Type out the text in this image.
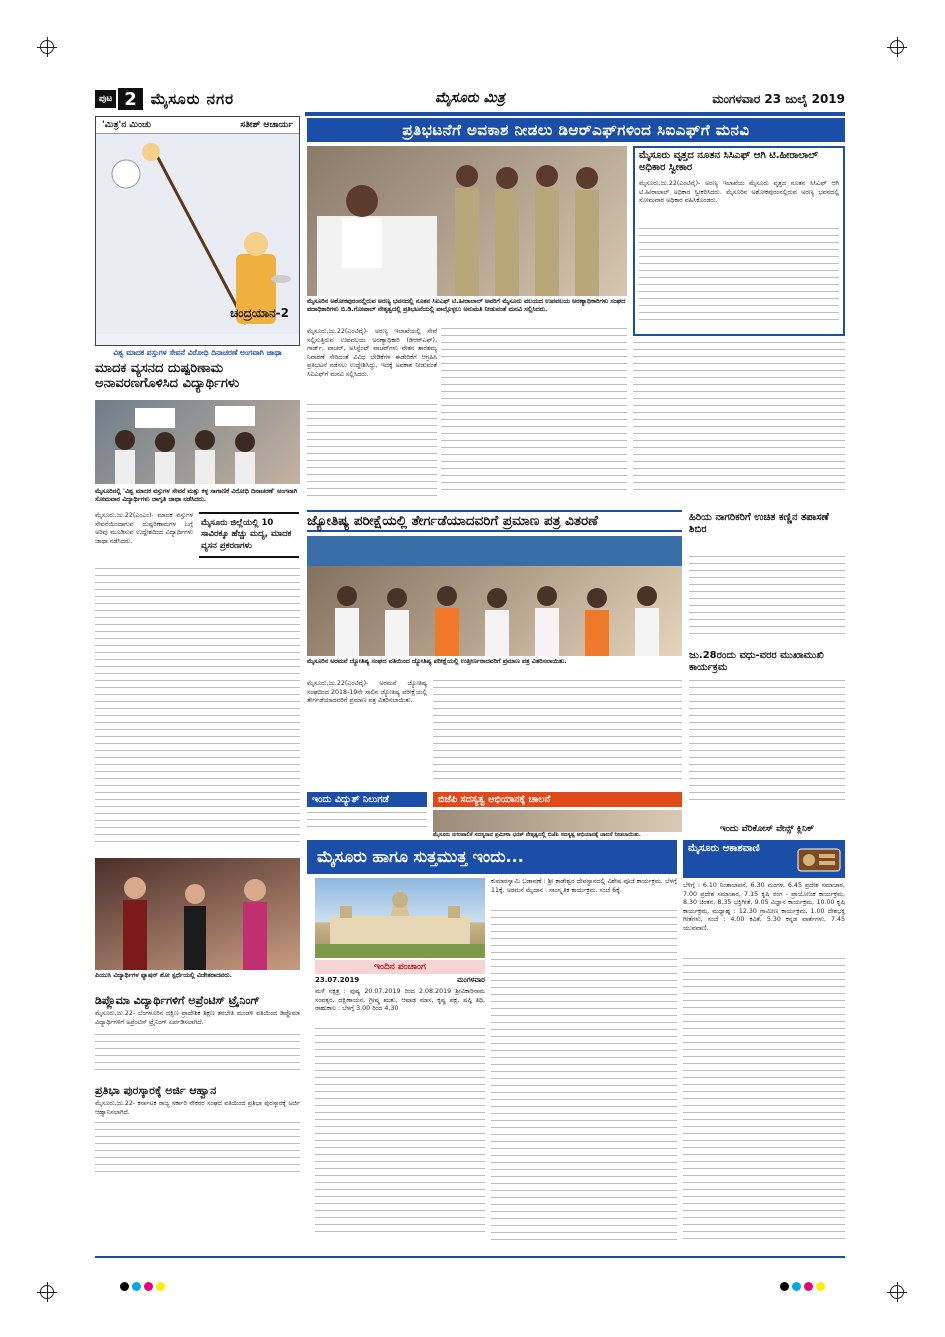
ಪುಟ 2 ಮೈಸೂರು ನಗರ	ಮೈಸೂರು ಮಿತ್ರ	ಮಂಗಳವಾರ 23 ಜುಲೈ 2019
'ಮಿತ್ರ'ನ ಮಿಂಚು	ಸತೀಶ್ ಆಚಾರ್ಯ
ಚಂದ್ರಯಾನ-2
ವಿಶ್ವ ಮಾದಕ ವಸ್ತುಗಳ ಸೇವನೆ ವಿರೋಧಿ ದಿನಾಚರಣೆ ಅಂಗವಾಗಿ ಜಾಥಾ
ಮಾದಕ ವ್ಯಸನದ ದುಷ್ಪರಿಣಾಮ ಅನಾವರಣಗೊಳಿಸಿದ ವಿದ್ಯಾರ್ಥಿಗಳು
ಮೈಸೂರಿನಲ್ಲಿ 'ವಿಶ್ವ ಮಾದಕ ವಸ್ತುಗಳ ಸೇವನೆ ಮತ್ತು ಕಳ್ಳ ಸಾಗಾಣಿಕೆ ವಿರೋಧಿ ದಿನಾಚರಣೆ' ಅಂಗವಾಗಿ ಸೋಮವಾರ ವಿದ್ಯಾರ್ಥಿಗಳು ಜಾಗೃತಿ ಜಾಥಾ ನಡೆಸಿದರು.
ಮೈಸೂರು,ಜು.22(ಎಂಎಂ)- ಮಾದಕ ವಸ್ತುಗಳ ಸೇವನೆಯಿಂದಾಗುವ ದುಷ್ಪರಿಣಾಮಗಳ ಬಗ್ಗೆ ಅರಿವು ಮೂಡಿಸುವ ಉದ್ದೇಶದಿಂದ ವಿದ್ಯಾರ್ಥಿಗಳು ಜಾಥಾ ನಡೆಸಿದರು.
ಮೈಸೂರು ಜಿಲ್ಲೆಯಲ್ಲಿ 10 ಸಾವಿರಕ್ಕೂ ಹೆಚ್ಚು ಮದ್ಯ, ಮಾದಕ ವ್ಯಸನ ಪ್ರಕರಣಗಳು
ಪಿಯುಸಿ ವಿದ್ಯಾರ್ಥಿಗಳ ಫ್ಯಾಷನ್ ಶೋ ಸ್ಪರ್ಧೆಯಲ್ಲಿ ವಿಜೇತರಾದವರು.
ಡಿಪ್ಲೊಮಾ ವಿದ್ಯಾರ್ಥಿಗಳಿಗೆ ಅಪ್ರೆಂಟಿಸ್ ಟ್ರೈನಿಂಗ್
ಮೈಸೂರು,ಜು.22- ಬೆಂಗಳೂರಿನ ದಕ್ಷಿಣ ಪ್ರಾದೇಶಿಕ ಶಿಕ್ಷಣ ತರಬೇತಿ ಮಂಡಳಿ ವತಿಯಿಂದ ಡಿಪ್ಲೊಮಾ ವಿದ್ಯಾರ್ಥಿಗಳಿಗೆ ಅಪ್ರೆಂಟಿಸ್ ಟ್ರೈನಿಂಗ್ ಏರ್ಪಡಿಸಲಾಗಿದೆ.
ಪ್ರತಿಭಾ ಪುರಸ್ಕಾರಕ್ಕೆ ಅರ್ಜಿ ಆಹ್ವಾನ
ಮೈಸೂರು,ಜು.22- ಕರ್ನಾಟಕ ರಾಜ್ಯ ಸರ್ಕಾರಿ ನೌಕರರ ಸಂಘದ ವತಿಯಿಂದ ಪ್ರತಿಭಾ ಪುರಸ್ಕಾರಕ್ಕೆ ಅರ್ಜಿ ಆಹ್ವಾನಿಸಲಾಗಿದೆ.
ಪ್ರತಿಭಟನೆಗೆ ಅವಕಾಶ ನೀಡಲು ಡಿಆರ್‌ಎಫ್‌ಗಳಿಂದ ಸಿಐಎಫ್‌ಗೆ ಮನವಿ
ಮೈಸೂರಿನ ಅಶೋಕಪುರಂನಲ್ಲಿರುವ ಅರಣ್ಯ ಭವನದಲ್ಲಿ ನೂತನ ಸಿಐಎಫ್ ಟಿ.ಹೀರಾಲಾಲ್ ಅವರಿಗೆ ಮೈಸೂರು ವಲಯದ ಉಪವಲಯ ಅರಣ್ಯಾಧಿಕಾರಿಗಳು ಸಂಘದ ಪದಾಧಿಕಾರಿಗಳು ಬಿ.ಡಿ.ಗೋಪಾಲ್ ನೇತೃತ್ವದಲ್ಲಿ ಪ್ರತಿಭಟನೆಯಲ್ಲಿ ಪಾಲ್ಗೊಳ್ಳಲು ಅನುಮತಿ ನೀಡುವಂತೆ ಮನವಿ ಸಲ್ಲಿಸಿದರು.
ಮೈಸೂರು,ಜು.22(ಎಂಟಿವೈ)- ಅರಣ್ಯ ಇಲಾಖೆಯಲ್ಲಿ ಸೇವೆ ಸಲ್ಲಿಸುತ್ತಿರುವ ಉಪವಲಯ ಅರಣ್ಯಾಧಿಕಾರಿ (ಡಿಆರ್‌ಎಫ್), ಗಾರ್ಡ್, ವಾಚರ್, ಅಸಿಸ್ಟೆಂಟ್ ವಾಚರ್‌ಗಳು ವೇತನ ತಾರತಮ್ಯ ನಿವಾರಣೆ ಸೇರಿದಂತೆ ವಿವಿಧ ಬೇಡಿಕೆಗಳ ಈಡೇರಿಕೆಗೆ ಆಗ್ರಹಿಸಿ ಪ್ರತಿಭಟನೆ ನಡೆಸಲು ಉದ್ದೇಶಿಸಿದ್ದು, ಇದಕ್ಕೆ ಅವಕಾಶ ನೀಡುವಂತೆ ಸಿಐಎಫ್‌ಗೆ ಮನವಿ ಸಲ್ಲಿಸಿದರು.
ಮೈಸೂರು ವೃತ್ತದ ನೂತನ ಸಿಸಿಎಫ್ ಆಗಿ ಟಿ.ಹೀರಾಲಾಲ್ ಅಧಿಕಾರ ಸ್ವೀಕಾರ
ಮೈಸೂರು,ಜು.22(ಎಂಟಿವೈ)- ಅರಣ್ಯ ಇಲಾಖೆಯ ಮೈಸೂರು ವೃತ್ತದ ನೂತನ ಸಿಸಿಎಫ್ ಆಗಿ ಟಿ.ಹೀರಾಲಾಲ್ ಅಧಿಕಾರ ಸ್ವೀಕರಿಸಿದರು. ಮೈಸೂರಿನ ಅಶೋಕಪುರಂನಲ್ಲಿರುವ ಅರಣ್ಯ ಭವನದಲ್ಲಿ ಸೋಮವಾರ ಅಧಿಕಾರ ವಹಿಸಿಕೊಂಡರು.
ಜ್ಯೋತಿಷ್ಯ ಪರೀಕ್ಷೆಯಲ್ಲಿ ತೇರ್ಗಡೆಯಾದವರಿಗೆ ಪ್ರಮಾಣ ಪತ್ರ ವಿತರಣೆ
ಮೈಸೂರಿನ ಅರಮನೆ ಜ್ಯೋತಿಷ್ಯ ಸಂಘದ ವತಿಯಿಂದ ಜ್ಯೋತಿಷ್ಯ ಪರೀಕ್ಷೆಯಲ್ಲಿ ಉತ್ತೀರ್ಣರಾದವರಿಗೆ ಪ್ರಮಾಣ ಪತ್ರ ವಿತರಿಸಲಾಯಿತು.
ಮೈಸೂರು,ಜು.22(ಎಂಟಿವೈ)- ಅರಮನೆ ಜ್ಯೋತಿಷ್ಯ ಸಂಘದಿಂದ 2018-19ನೇ ಸಾಲಿನ ಜ್ಯೋತಿಷ್ಯ ಪರೀಕ್ಷೆಯಲ್ಲಿ ತೇರ್ಗಡೆಯಾದವರಿಗೆ ಪ್ರಮಾಣ ಪತ್ರ ವಿತರಿಸಲಾಯಿತು.
ಹಿರಿಯ ನಾಗರಿಕರಿಗೆ ಉಚಿತ ಕಣ್ಣಿನ ತಪಾಸಣೆ ಶಿಬಿರ
ಜು.28ರಂದು ವಧು-ವರರ ಮುಖಾಮುಖಿ ಕಾರ್ಯಕ್ರಮ
ಇಂದು ವೆರಿಕೋಸ್ ವೇನ್ಸ್ ಕ್ಲಿನಿಕ್
ಇಂದು ವಿದ್ಯುತ್ ನಿಲುಗಡೆ	ಬಿಜೆಪಿ ಸದಸ್ಯತ್ವ ಅಭಿಯಾನಕ್ಕೆ ಚಾಲನೆ
ಮೈಸೂರು ನಗರಪಾಲಿಕೆ ಸದಸ್ಯರಾದ ಪ್ರಮೀಳಾ ಭರತ್ ನೇತೃತ್ವದಲ್ಲಿ ಬಿಜೆಪಿ ಸದಸ್ಯತ್ವ ಅಭಿಯಾನಕ್ಕೆ ಚಾಲನೆ ನೀಡಲಾಯಿತು.
ಮೈಸೂರು ಹಾಗೂ ಸುತ್ತಮುತ್ತ ಇಂದು...
ಇಂದಿನ ಪಂಚಾಂಗ
23.07.2019	ಮಂಗಳವಾರ
ಮಳೆ ನಕ್ಷತ್ರ : ಪುಷ್ಯ 20.07.2019 ರಿಂದ 2.08.2019 ಶ್ರೀವಿಕಾರಿನಾಮ ಸಂವತ್ಸರ, ದಕ್ಷಿಣಾಯನ, ಗ್ರೀಷ್ಮ ಋತು, ಆಷಾಢ ಮಾಸ, ಕೃಷ್ಣ ಪಕ್ಷ, ಷಷ್ಠಿ ತಿಥಿ, ರಾಹುಕಾಲ : ಬೆಳಗ್ಗೆ 3.00 ರಿಂದ 4.30
ಕುಮಾರಸ್ವಾಮಿ ಬಡಾವಣೆ : ಶ್ರೀ ಕಾಡೇಶ್ವರ ದೇವಸ್ಥಾನದಲ್ಲಿ ವಿಶೇಷ ಪೂಜೆ ಕಾರ್ಯಕ್ರಮ. ಬೆಳಗ್ಗೆ 11ಕ್ಕೆ. ಅರಮನೆ ಮೈದಾನ : ಸಾಂಸ್ಕೃತಿಕ ಕಾರ್ಯಕ್ರಮ. ಸಂಜೆ 6ಕ್ಕೆ.
ಮೈಸೂರು ಆಕಾಶವಾಣಿ
ಬೆಳಿಗ್ಗೆ : 6.10 ನಿಂತಾಲಾಪನೆ, 6.30 ಮಂಗಳ, 6.45 ಪ್ರದೇಶ ಸಮಾಚಾರ, 7.00 ಪ್ರದೇಶ ಸಮಾಚಾರ, 7.15 ಕೃಷಿ ರಂಗ - ಪ್ರಾಯೋಜಕ ಕಾರ್ಯಕ್ರಮ, 8.30 ಚಿಂತನ, 8.35 ಭಕ್ತಿಗೀತೆ, 9.05 ವಿಜ್ಞಾನ ಕಾರ್ಯಕ್ರಮ, 10.00 ಕೃಷಿ ಕಾರ್ಯಕ್ರಮ, ಮಧ್ಯಾಹ್ನ : 12.30 ಗ್ರಾಮೀಣ ಕಾರ್ಯಕ್ರಮ, 1.00 ದೇಶಭಕ್ತಿ ಗೀತೆಗಳು, ಸಂಜೆ : 4.00 ಕವಿತೆ, 5.30 ಕನ್ನಡ ವಾರ್ತೆಗಳು, 7.45 ಯುವವಾಣಿ.
